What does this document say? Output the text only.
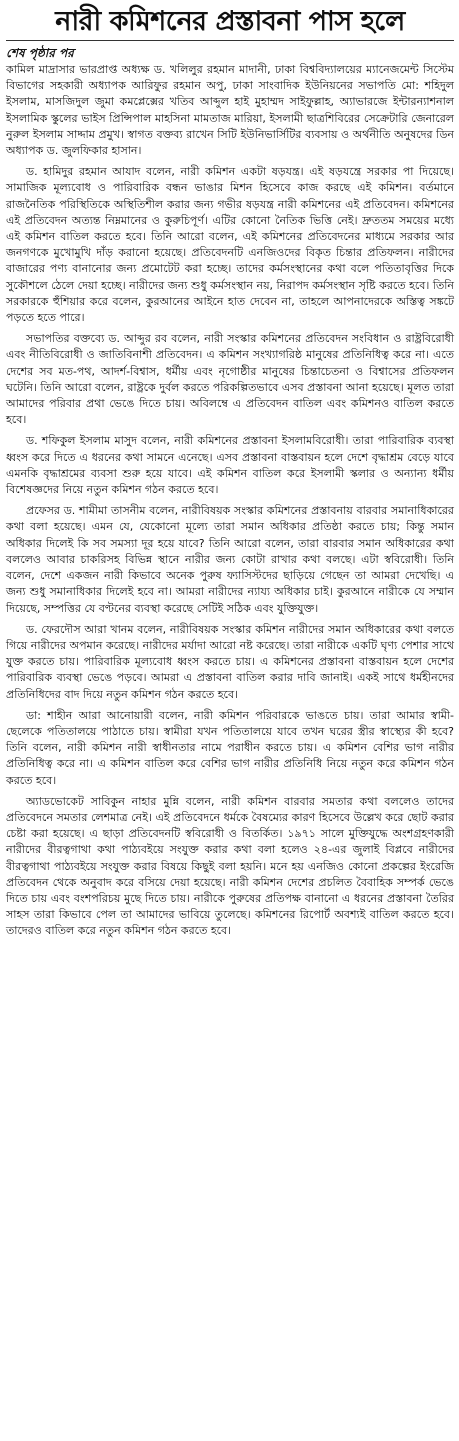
নারী কমিশনের প্রস্তাবনা পাস হলে
শেষ পৃষ্ঠার পর

কামিল মাদ্রাসার ভারপ্রাপ্ত অধ্যক্ষ ড. খলিলুর রহমান মাদানী, ঢাকা বিশ্ববিদ্যালয়ের ম্যানেজমেন্ট সিস্টেম বিভাগের সহকারী অধ্যাপক আরিফুর রহমান অপু, ঢাকা সাংবাদিক ইউনিয়নের সভাপতি মো: শহিদুল ইসলাম, মাসজিদুল জুমা কমপ্লেক্সের খতিব আব্দুল হাই মুহাম্মদ সাইফুল্লাহ, অ্যাভারজে ইন্টারন্যাশনাল ইসলামিক স্কুলের ভাইস প্রিন্সিপাল মাহসিনা মামতাজ মারিয়া, ইসলামী ছাত্রশিবিরের সেক্রেটারি জেনারেল নুরুল ইসলাম সাদ্দাম প্রমুখ। স্বাগত বক্তব্য রাখেন সিটি ইউনিভার্সিটির ব্যবসায় ও অর্থনীতি অনুষদের ডিন অধ্যাপক ড. জুলফিকার হাসান।

ড. হামিদুর রহমান আযাদ বলেন, নারী কমিশন একটা ষড়যন্ত্র। এই ষড়যন্ত্রে সরকার পা দিয়েছে। সামাজিক মূল্যবোধ ও পারিবারিক বন্ধন ভাঙার মিশন হিসেবে কাজ করছে এই কমিশন। বর্তমানে রাজনৈতিক পরিস্থিতিকে অস্থিতিশীল করার জন্য গভীর ষড়যন্ত্র নারী কমিশনের এই প্রতিবেদন। কমিশনের এই প্রতিবেদন অত্যন্ত নিম্নমানের ও কুরুচিপূর্ণ। এটির কোনো নৈতিক ভিত্তি নেই। দ্রুততম সময়ের মধ্যে এই কমিশন বাতিল করতে হবে। তিনি আরো বলেন, এই কমিশনের প্রতিবেদনের মাধ্যমে সরকার আর জনগণকে মুখোমুখি দাঁড় করানো হয়েছে। প্রতিবেদনটি এনজিওদের বিকৃত চিন্তার প্রতিফলন। নারীদের বাজারের পণ্য বানানোর জন্য প্রমোটেট করা হচ্ছে। তাদের কর্মসংস্থানের কথা বলে পতিতাবৃত্তির দিকে সুকৌশলে ঠেলে দেয়া হচ্ছে। নারীদের জন্য শুধু কর্মসংস্থান নয়, নিরাপদ কর্মসংস্থান সৃষ্টি করতে হবে। তিনি সরকারকে হুঁশিয়ার করে বলেন, কুরআনের আইনে হাত দেবেন না, তাহলে আপনাদেরকে অস্তিত্ব সঙ্কটে পড়তে হতে পারে।

সভাপতির বক্তব্যে ড. আব্দুর রব বলেন, নারী সংস্কার কমিশনের প্রতিবেদন সংবিধান ও রাষ্ট্রবিরোধী এবং নীতিবিরোধী ও জাতিবিনাশী প্রতিবেদন। এ কমিশন সংখ্যাগরিষ্ঠ মানুষের প্রতিনিধিত্ব করে না। এতে দেশের সব মত-পথ, আদর্শ-বিশ্বাস, ধর্মীয় এবং নৃগোষ্ঠীর মানুষের চিন্তাচেতনা ও বিশ্বাসের প্রতিফলন ঘটেনি। তিনি আরো বলেন, রাষ্ট্রকে দুর্বল করতে পরিকল্পিতভাবে এসব প্রস্তাবনা আনা হয়েছে। মূলত তারা আমাদের পরিবার প্রথা ভেঙে দিতে চায়। অবিলম্বে এ প্রতিবেদন বাতিল এবং কমিশনও বাতিল করতে হবে।

ড. শফিকুল ইসলাম মাসুদ বলেন, নারী কমিশনের প্রস্তাবনা ইসলামবিরোধী। তারা পারিবারিক ব্যবস্থা ধ্বংস করে দিতে এ ধরনের কথা সামনে এনেছে। এসব প্রস্তাবনা বাস্তবায়ন হলে দেশে বৃদ্ধাশ্রম বেড়ে যাবে এমনকি বৃদ্ধাশ্রমের ব্যবসা শুরু হয়ে যাবে। এই কমিশন বাতিল করে ইসলামী স্কলার ও অন্যান্য ধর্মীয় বিশেষজ্ঞদের নিয়ে নতুন কমিশন গঠন করতে হবে।

প্রফেসর ড. শামীমা তাসনীম বলেন, নারীবিষয়ক সংস্কার কমিশনের প্রস্তাবনায় বারবার সমানাধিকারের কথা বলা হয়েছে। এমন যে, যেকোনো মূল্যে তারা সমান অধিকার প্রতিষ্ঠা করতে চায়; কিন্তু সমান অধিকার দিলেই কি সব সমস্যা দূর হয়ে যাবে? তিনি আরো বলেন, তারা বারবার সমান অধিকারের কথা বললেও আবার চাকরিসহ বিভিন্ন স্থানে নারীর জন্য কোটা রাখার কথা বলছে। এটা স্ববিরোধী। তিনি বলেন, দেশে একজন নারী কিভাবে অনেক পুরুষ ফ্যাসিস্টদের ছাড়িয়ে গেছেন তা আমরা দেখেছি। এ জন্য শুধু সমানাধিকার দিলেই হবে না। আমরা নারীদের ন্যায্য অধিকার চাই। কুরআনে নারীকে যে সম্মান দিয়েছে, সম্পত্তির যে বণ্টনের ব্যবস্থা করেছে সেটিই সঠিক এবং যুক্তিযুক্ত।

ড. ফেরদৌস আরা খানম বলেন, নারীবিষয়ক সংস্কার কমিশন নারীদের সমান অধিকারের কথা বলতে গিয়ে নারীদের অপমান করেছে। নারীদের মর্যাদা আরো নষ্ট করেছে। তারা নারীকে একটি ঘৃণ্য পেশার সাথে যুক্ত করতে চায়। পারিবারিক মূল্যবোধ ধ্বংস করতে চায়। এ কমিশনের প্রস্তাবনা বাস্তবায়ন হলে দেশের পারিবারিক ব্যবস্থা ভেঙে পড়বে। আমরা এ প্রস্তাবনা বাতিল করার দাবি জানাই। একই সাথে ধর্মহীনদের প্রতিনিধিদের বাদ দিয়ে নতুন কমিশন গঠন করতে হবে।

ডা: শাহীন আরা আনোয়ারী বলেন, নারী কমিশন পরিবারকে ভাঙতে চায়। তারা আমার স্বামী-ছেলেকে পতিতালয়ে পাঠাতে চায়। স্বামীরা যখন পতিতালয়ে যাবে তখন ঘরের স্ত্রীর স্বাস্থ্যের কী হবে? তিনি বলেন, নারী কমিশন নারী স্বাধীনতার নামে পরাধীন করতে চায়। এ কমিশন বেশির ভাগ নারীর প্রতিনিধিত্ব করে না। এ কমিশন বাতিল করে বেশির ভাগ নারীর প্রতিনিধি নিয়ে নতুন করে কমিশন গঠন করতে হবে।

অ্যাডভোকেট সাবিকুন নাহার মুন্নি বলেন, নারী কমিশন বারবার সমতার কথা বললেও তাদের প্রতিবেদনে সমতার লেশমাত্র নেই। এই প্রতিবেদনে ধর্মকে বৈষম্যের কারণ হিসেবে উল্লেখ করে ছোট করার চেষ্টা করা হয়েছে। এ ছাড়া প্রতিবেদনটি স্ববিরোধী ও বিতর্কিত। ১৯৭১ সালে মুক্তিযুদ্ধে অংশগ্রহণকারী নারীদের বীরত্বগাথা কথা পাঠ্যবইয়ে সংযুক্ত করার কথা বলা হলেও ২৪-এর জুলাই বিপ্লবে নারীদের বীরত্বগাথা পাঠ্যবইয়ে সংযুক্ত করার বিষয়ে কিছুই বলা হয়নি। মনে হয় এনজিও কোনো প্রকল্পের ইংরেজি প্রতিবেদন থেকে অনুবাদ করে বসিয়ে দেয়া হয়েছে। নারী কমিশন দেশের প্রচলিত বৈবাহিক সম্পর্ক ভেঙে দিতে চায় এবং বংশপরিচয় মুছে দিতে চায়। নারীকে পুরুষের প্রতিপক্ষ বানানো এ ধরনের প্রস্তাবনা তৈরির সাহস তারা কিভাবে পেল তা আমাদের ভাবিয়ে তুলেছে। কমিশনের রিপোর্ট অবশ্যই বাতিল করতে হবে। তাদেরও বাতিল করে নতুন কমিশন গঠন করতে হবে।
